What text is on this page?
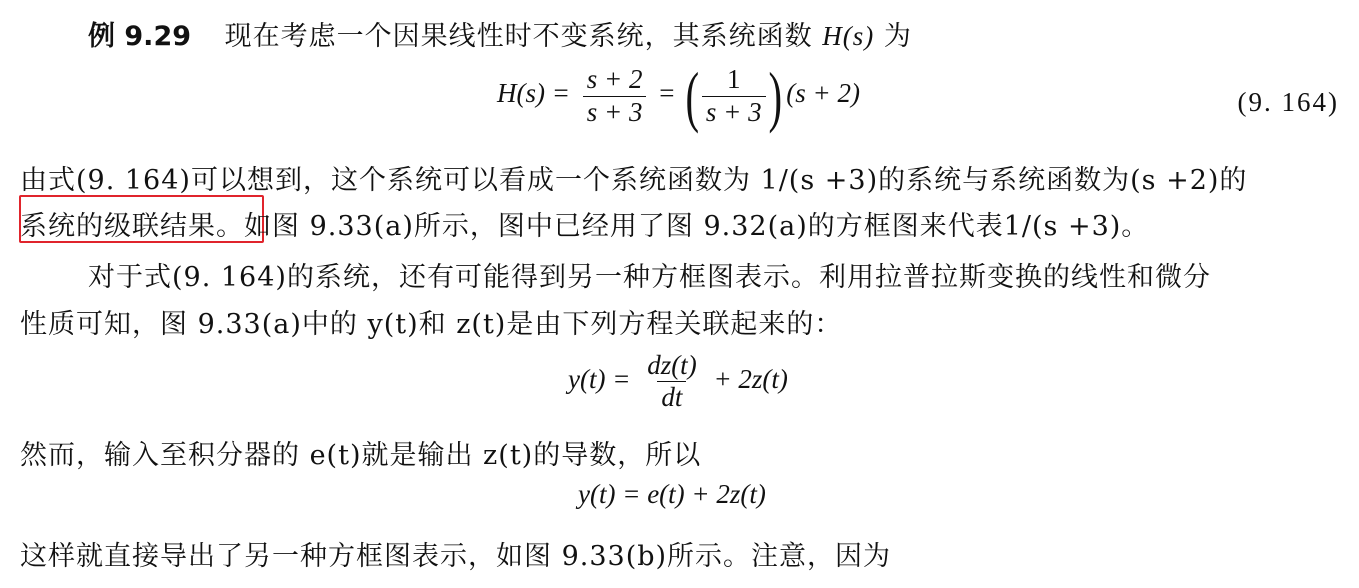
例 9.29 现在考虑一个因果线性时不变系统，其系统函数 H(s) 为
$H(s) = \frac{s + 2}{s + 3}$ = ( $\frac{1}{s + 3}$ ) (s + 2)	(9. 164)
由式(9. 164)可以想到，这个系统可以看成一个系统函数为 1/(s +3)的系统与系统函数为(s +2)的
系统的级联结果。如图 9.33(a)所示，图中已经用了图 9.32(a)的方框图来代表1/(s +3)。
对于式(9. 164)的系统，还有可能得到另一种方框图表示。利用拉普拉斯变换的线性和微分
性质可知，图 9.33(a)中的 y(t)和 z(t)是由下列方程关联起来的：
$y(t) = \frac{dz(t)}{dt} + 2z(t)$
然而，输入至积分器的 e(t)就是输出 z(t)的导数，所以
y(t) = e(t) + 2z(t)
这样就直接导出了另一种方框图表示，如图 9.33(b)所示。注意，因为
